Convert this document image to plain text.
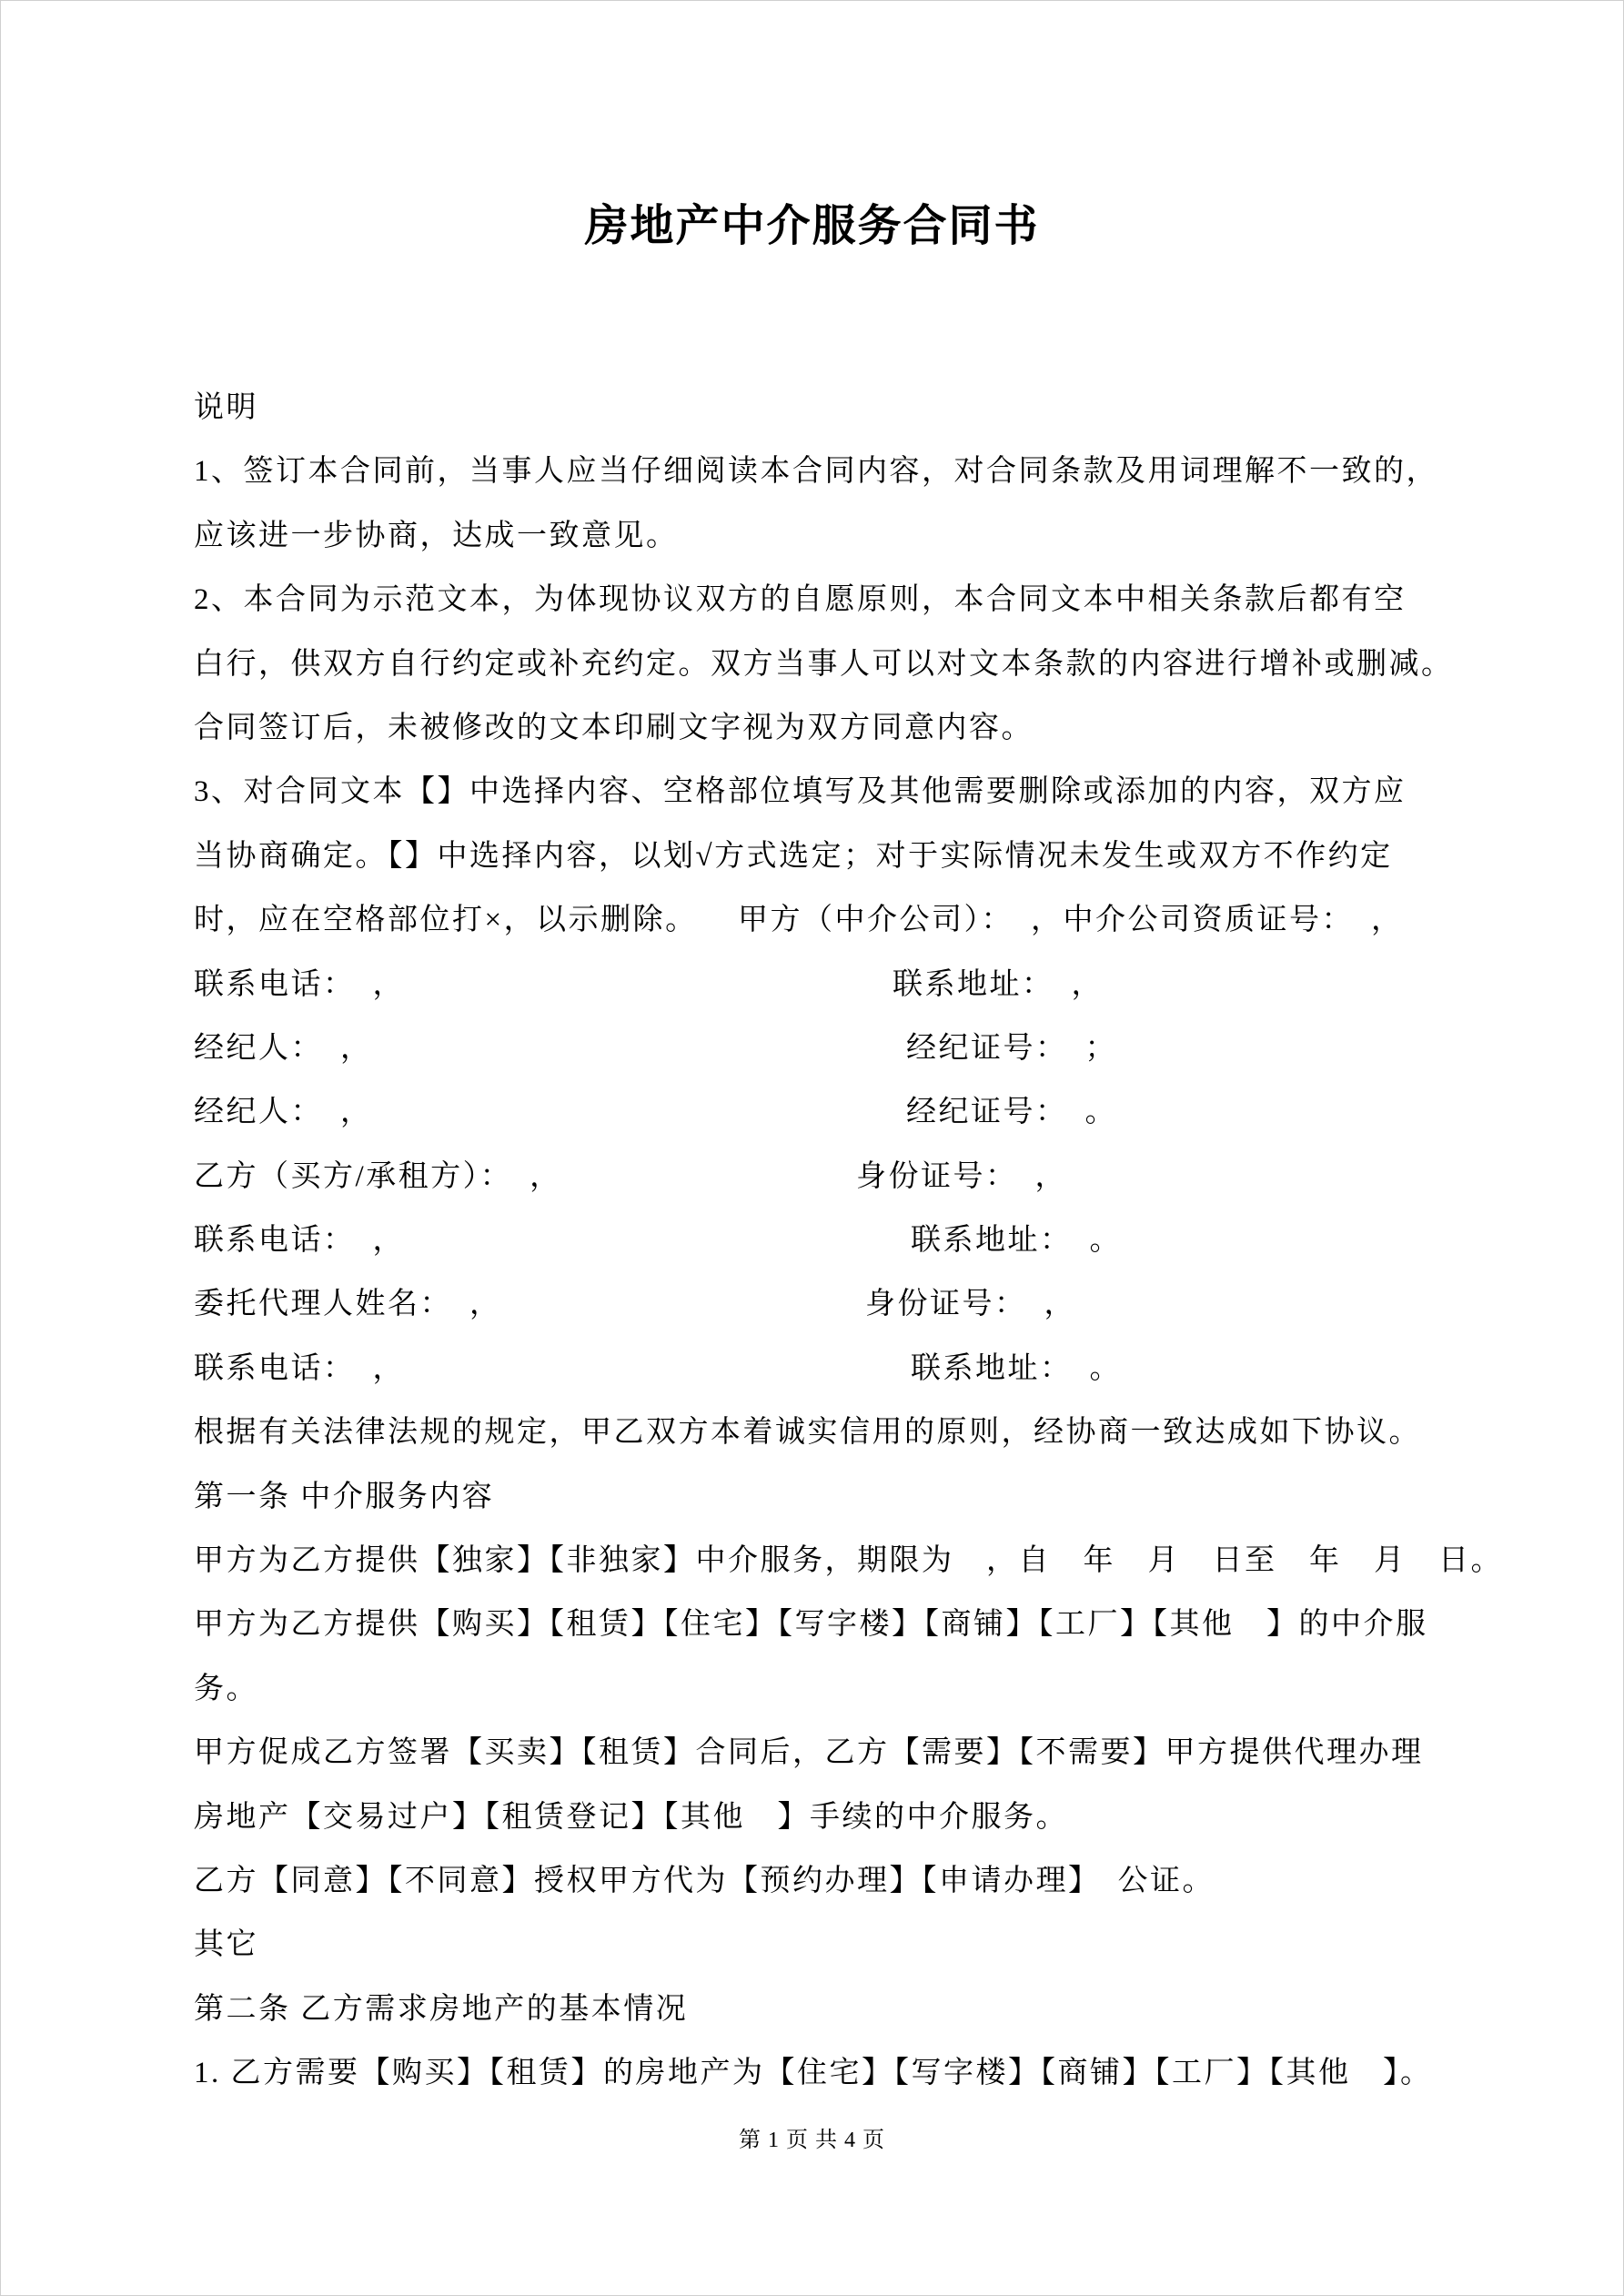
房地产中介服务合同书
说明
1、签订本合同前，当事人应当仔细阅读本合同内容，对合同条款及用词理解不一致的，
应该进一步协商，达成一致意见。
2、本合同为示范文本，为体现协议双方的自愿原则，本合同文本中相关条款后都有空
白行，供双方自行约定或补充约定。双方当事人可以对文本条款的内容进行增补或删减。
合同签订后，未被修改的文本印刷文字视为双方同意内容。
3、对合同文本【】中选择内容、空格部位填写及其他需要删除或添加的内容，双方应
当协商确定。【】中选择内容，以划√方式选定；对于实际情况未发生或双方不作约定
时，应在空格部位打×，以示删除。 甲方（中介公司）：　，中介公司资质证号：　，
联系电话：　，	联系地址：　，
经纪人：　，	经纪证号：　；
经纪人：　，	经纪证号：　。
乙方（买方/承租方）：　，	身份证号：　，
联系电话：　，	联系地址：　。
委托代理人姓名：　，	身份证号：　，
联系电话：　，	联系地址：　。
根据有关法律法规的规定，甲乙双方本着诚实信用的原则，经协商一致达成如下协议。
第一条 中介服务内容
甲方为乙方提供【独家】【非独家】中介服务，期限为　，自　年　月　日至　年　月　日。
甲方为乙方提供【购买】【租赁】【住宅】【写字楼】【商铺】【工厂】【其他　】的中介服
务。
甲方促成乙方签署【买卖】【租赁】合同后，乙方【需要】【不需要】甲方提供代理办理
房地产【交易过户】【租赁登记】【其他　】手续的中介服务。
乙方【同意】【不同意】授权甲方代为【预约办理】【申请办理】　公证。
其它
第二条 乙方需求房地产的基本情况
1. 乙方需要【购买】【租赁】的房地产为【住宅】【写字楼】【商铺】【工厂】【其他　】。
第 1 页 共 4 页
